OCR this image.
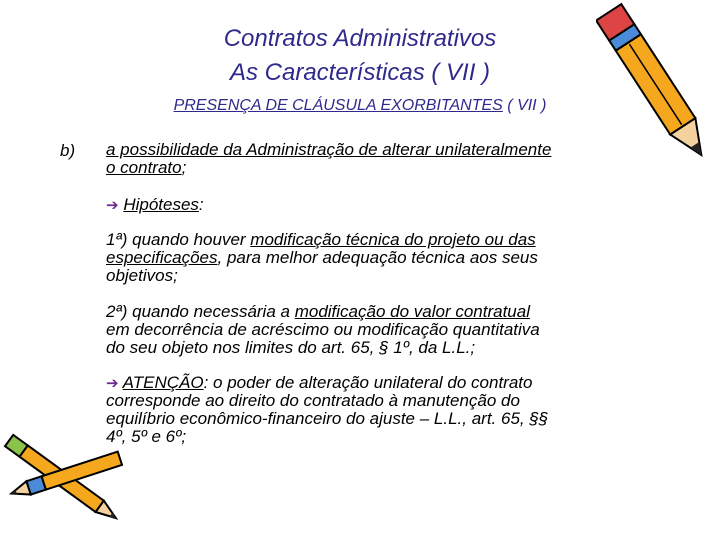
Contratos Administrativos
As Características ( VII )
PRESENÇA DE CLÁUSULA EXORBITANTES ( VII )
b) a possibilidade da Administração de alterar unilateralmente
o contrato;
➔ Hipóteses:
1ª) quando houver modificação técnica do projeto ou das
especificações, para melhor adequação técnica aos seus
objetivos;
2ª) quando necessária a modificação do valor contratual
em decorrência de acréscimo ou modificação quantitativa
do seu objeto nos limites do art. 65, § 1º, da L.L.;
➔ ATENÇÃO: o poder de alteração unilateral do contrato
corresponde ao direito do contratado à manutenção do
equilíbrio econômico-financeiro do ajuste – L.L., art. 65, §§
4º, 5º e 6º;
